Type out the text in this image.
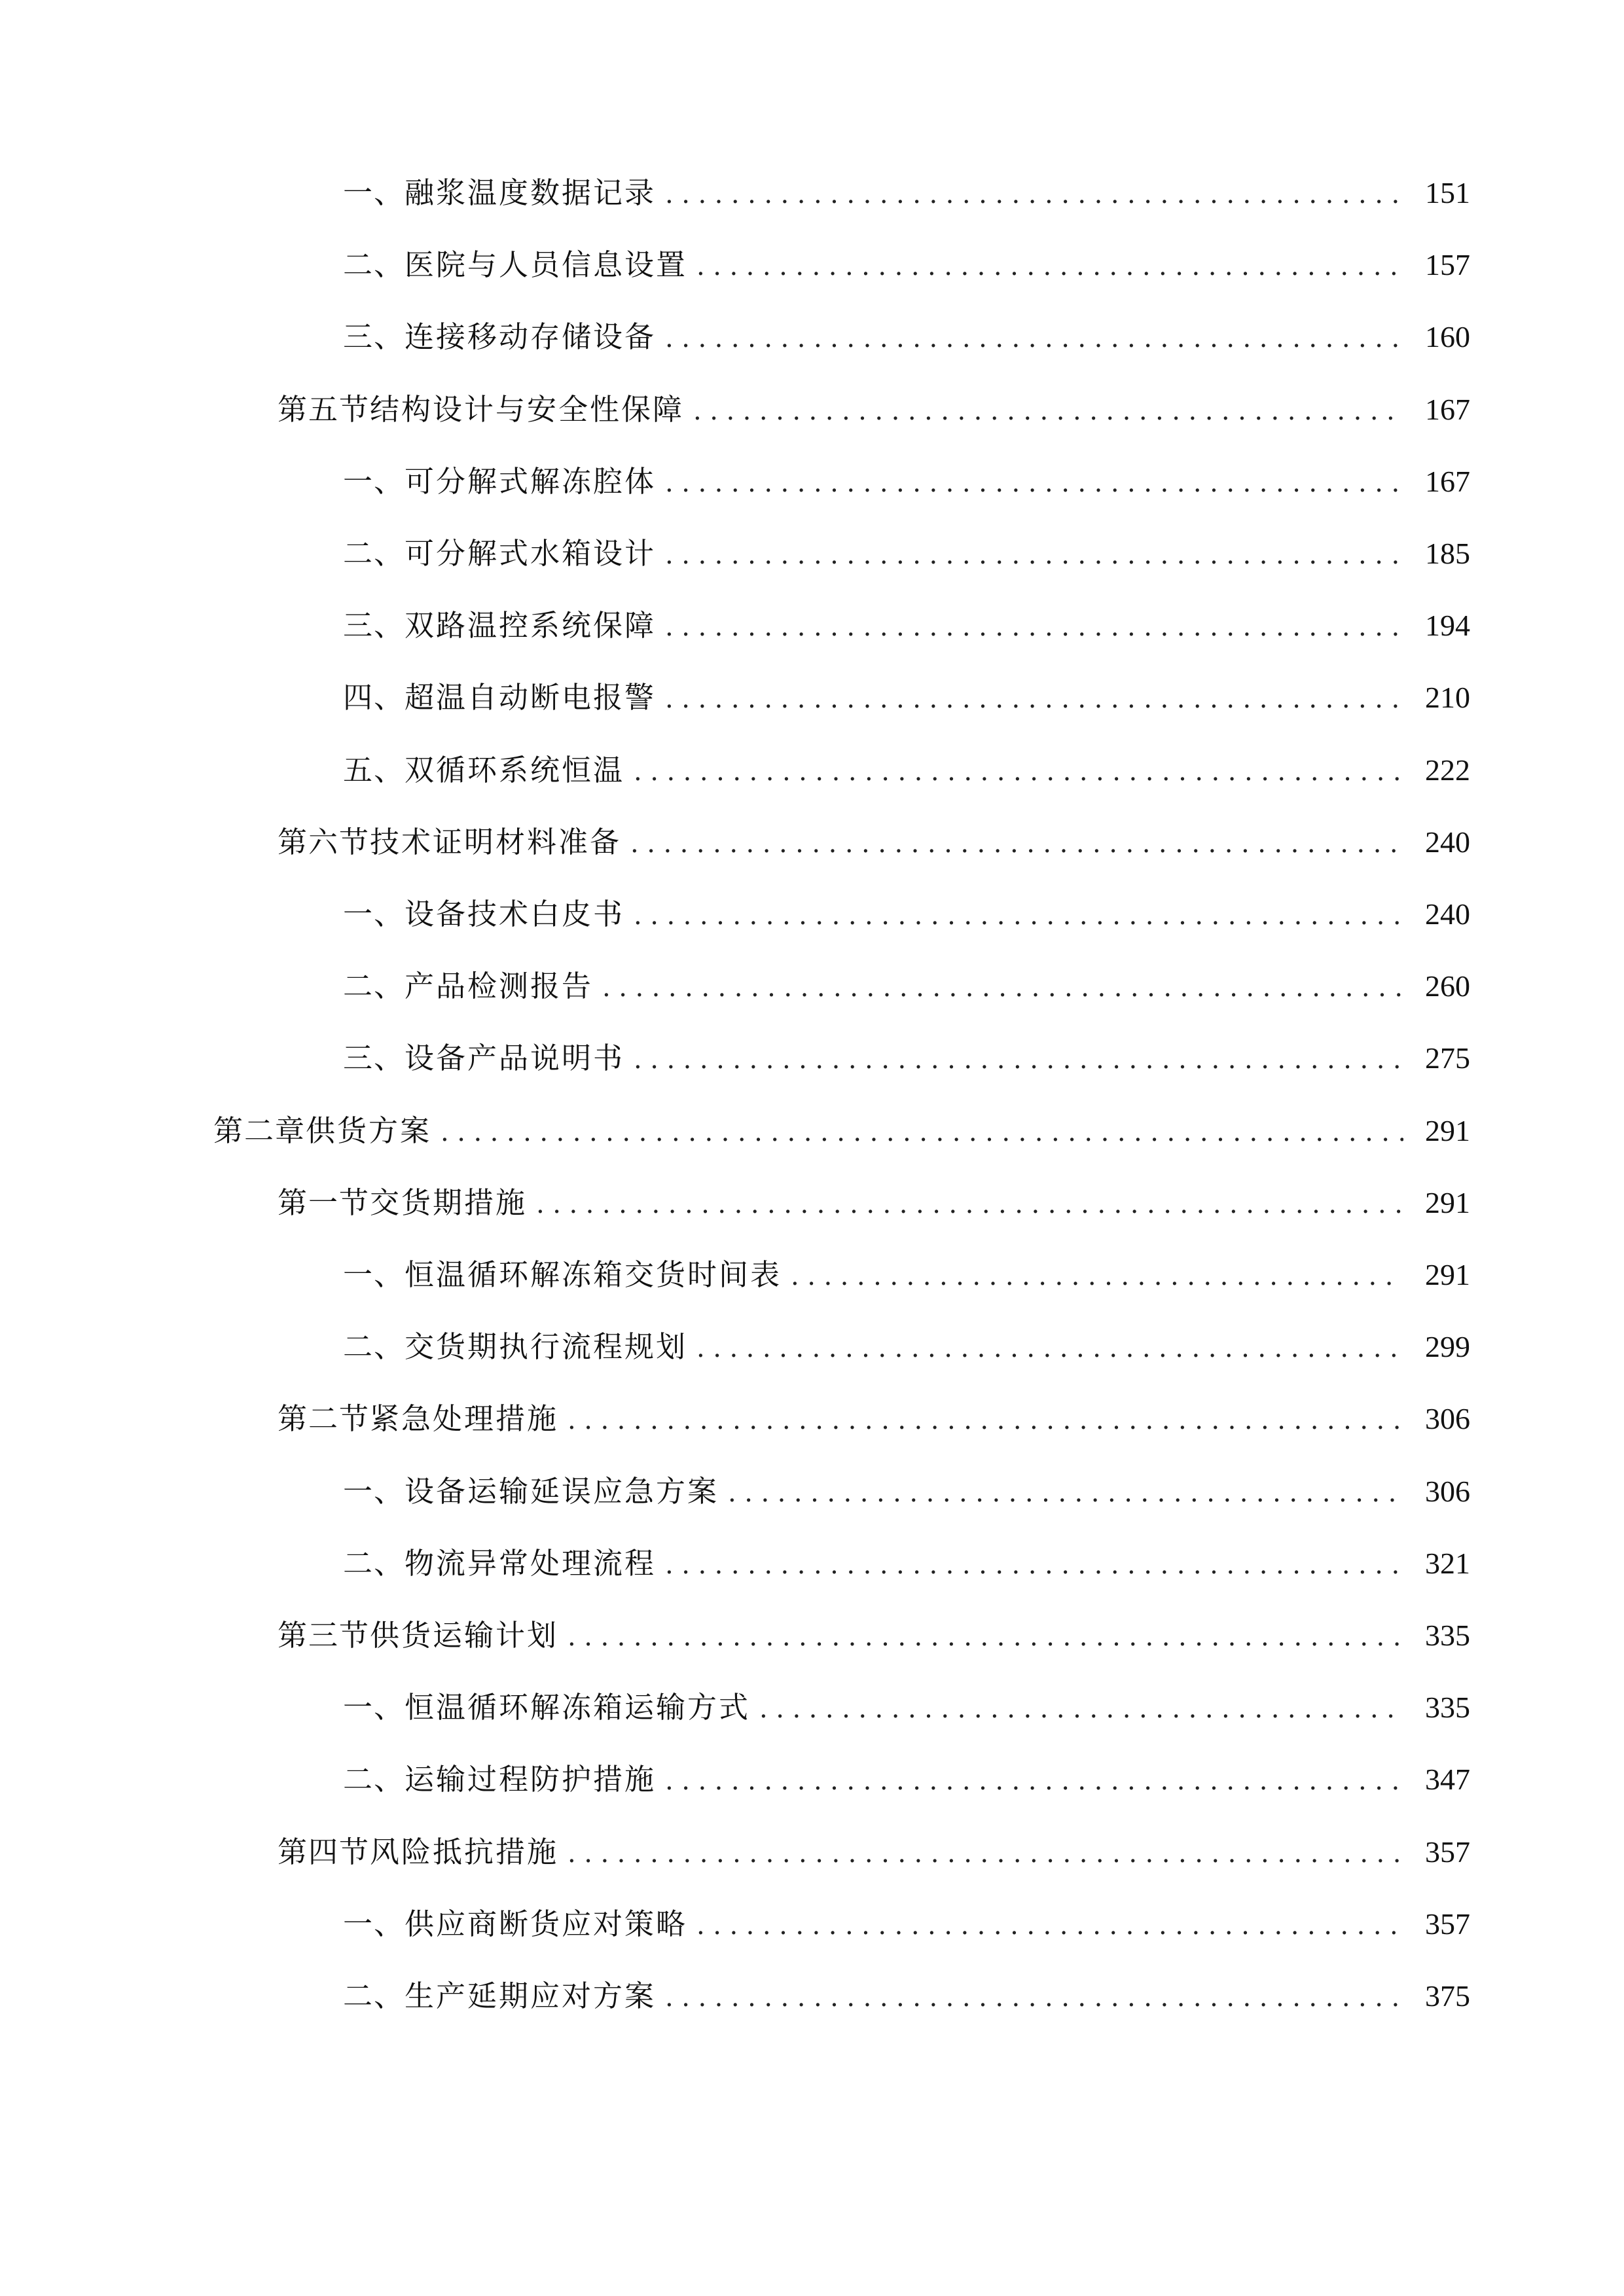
一、 融浆温度数据记录 .....	151
二、 医院与人员信息设置 .....	157
三、 连接移动存储设备 .....	160
第五节 结构设计与安全性保障 .....	167
一、 可分解式解冻腔体 .....	167
二、 可分解式水箱设计 .....	185
三、 双路温控系统保障 .....	194
四、 超温自动断电报警 .....	210
五、 双循环系统恒温 .....	222
第六节 技术证明材料准备 .....	240
一、 设备技术白皮书 .....	240
二、 产品检测报告 .....	260
三、 设备产品说明书 .....	275
第二章 供货方案 .....	291
第一节 交货期措施 .....	291
一、 恒温循环解冻箱交货时间表 .....	291
二、 交货期执行流程规划 .....	299
第二节 紧急处理措施 .....	306
一、 设备运输延误应急方案 .....	306
二、 物流异常处理流程 .....	321
第三节 供货运输计划 .....	335
一、 恒温循环解冻箱运输方式 .....	335
二、 运输过程防护措施 .....	347
第四节 风险抵抗措施 .....	357
一、 供应商断货应对策略 .....	357
二、 生产延期应对方案 .....	375
